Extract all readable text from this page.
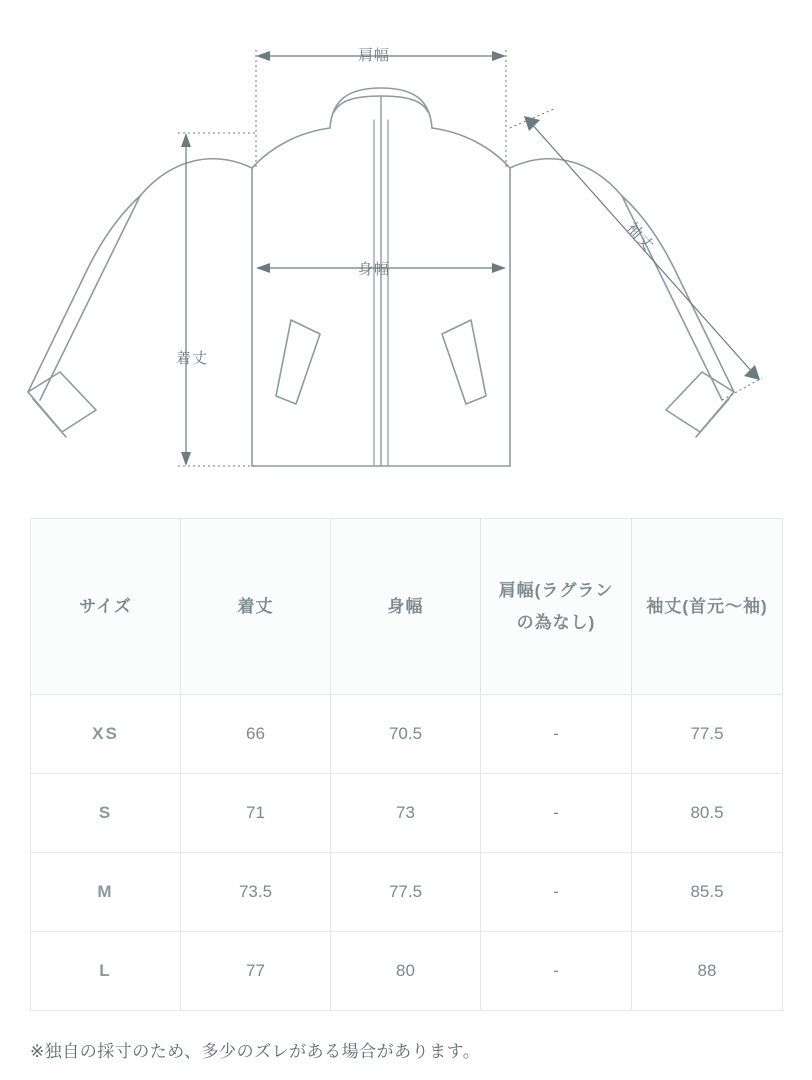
肩幅
身幅
着丈
袖丈
サイズ	着丈	身幅	肩幅(ラグランの為なし)	袖丈(首元〜袖)
XS	66	70.5	-	77.5
S	71	73	-	80.5
M	73.5	77.5	-	85.5
L	77	80	-	88
※独自の採寸のため、多少のズレがある場合があります。
